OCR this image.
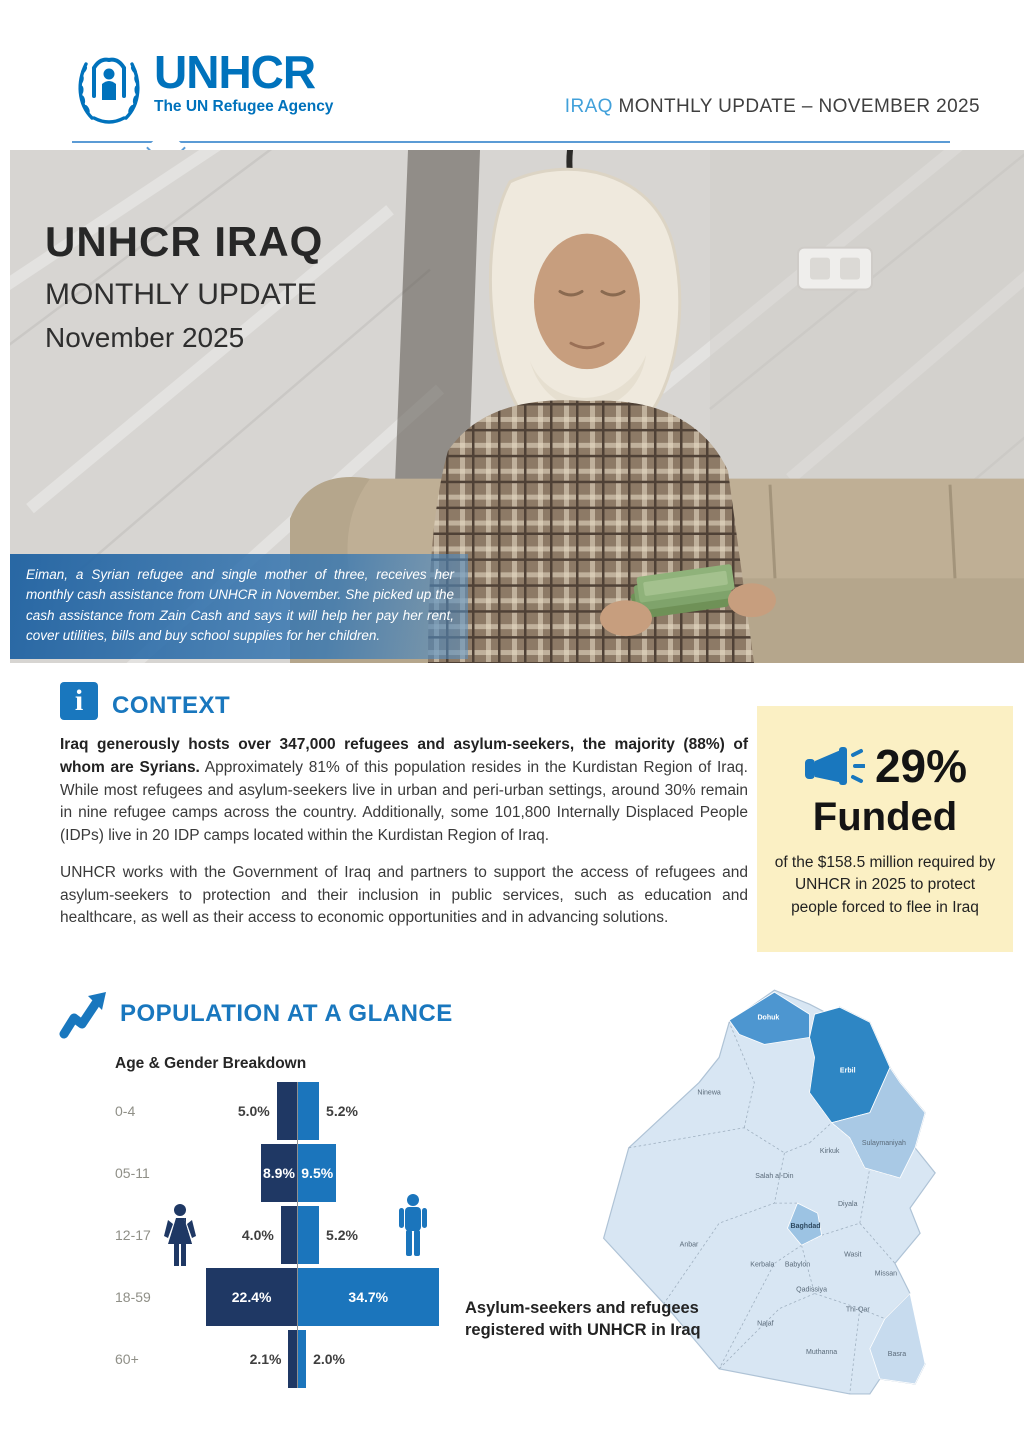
UNHCR
The UN Refugee Agency	IRAQ MONTHLY UPDATE – NOVEMBER 2025
UNHCR IRAQ
MONTHLY UPDATE
November 2025
Eiman, a Syrian refugee and single mother of three, receives her monthly cash assistance from UNHCR in November. She picked up the cash assistance from Zain Cash and says it will help her pay her rent, cover utilities, bills and buy school supplies for her children.
i	CONTEXT

Iraq generously hosts over 347,000 refugees and asylum-seekers, the majority (88%) of whom are Syrians. Approximately 81% of this population resides in the Kurdistan Region of Iraq. While most refugees and asylum-seekers live in urban and peri-urban settings, around 30% remain in nine refugee camps across the country. Additionally, some 101,800 Internally Displaced People (IDPs) live in 20 IDP camps located within the Kurdistan Region of Iraq.

UNHCR works with the Government of Iraq and partners to support the access of refugees and asylum-seekers to protection and their inclusion in public services, such as education and healthcare, as well as their access to economic opportunities and in advancing solutions.

29%
Funded
of the $158.5 million required by UNHCR in 2025 to protect people forced to flee in Iraq
POPULATION AT A GLANCE
Age & Gender Breakdown
0-4	5.0%	5.2%
05-11	8.9% 9.5%
12-17	4.0%	5.2%
18-59	22.4%	34.7%
60+	2.1% 2.0%
Dohuk
Erbil
Sulaymaniyah
Ninewa
Kirkuk
Salah al-Din
Diyala
Anbar
Baghdad
Kerbala Babylon
Wasit
Najaf
Qadissiya
Muthanna
Thi-Qar
Missan
Basra
Asylum-seekers and refugees registered with UNHCR in Iraq
